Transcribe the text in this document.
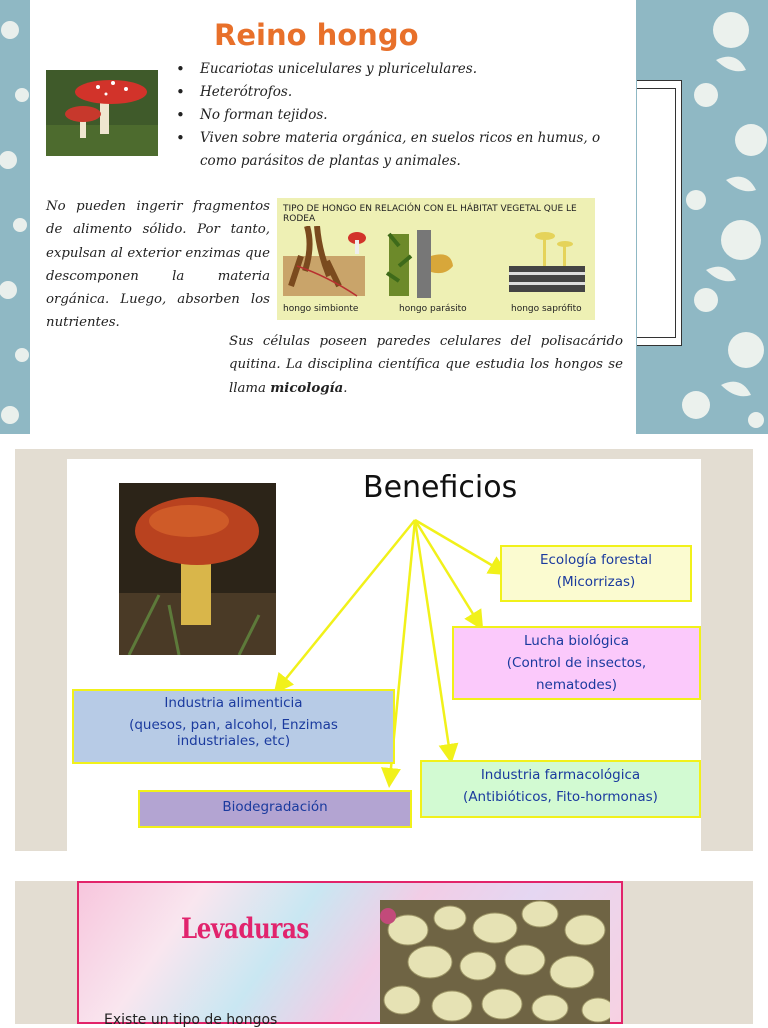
Reino hongo
• Eucariotas unicelulares y pluricelulares.
• Heterótrofos.
• No forman tejidos.
• Viven sobre materia orgánica, en suelos ricos en humus, o como parásitos de plantas y animales.
No pueden ingerir fragmentos de alimento sólido. Por tanto, expulsan al exterior enzimas que descomponen la materia orgánica. Luego, absorben los nutrientes.
TIPO DE HONGO EN RELACIÓN CON EL HÁBITAT VEGETAL QUE LE RODEA
hongo simbionte	hongo parásito	hongo saprófito
Sus células poseen paredes celulares del polisacárido quitina. La disciplina científica que estudia los hongos se llama micología.
Beneficios
Ecología forestal
(Micorrizas)
Lucha biológica
(Control de insectos,
nematodes)
Industria alimenticia
(quesos, pan, alcohol, Enzimas
industriales, etc)
Biodegradación
Industria farmacológica
(Antibióticos, Fito-hormonas)
Levaduras
Existe un tipo de hongos
